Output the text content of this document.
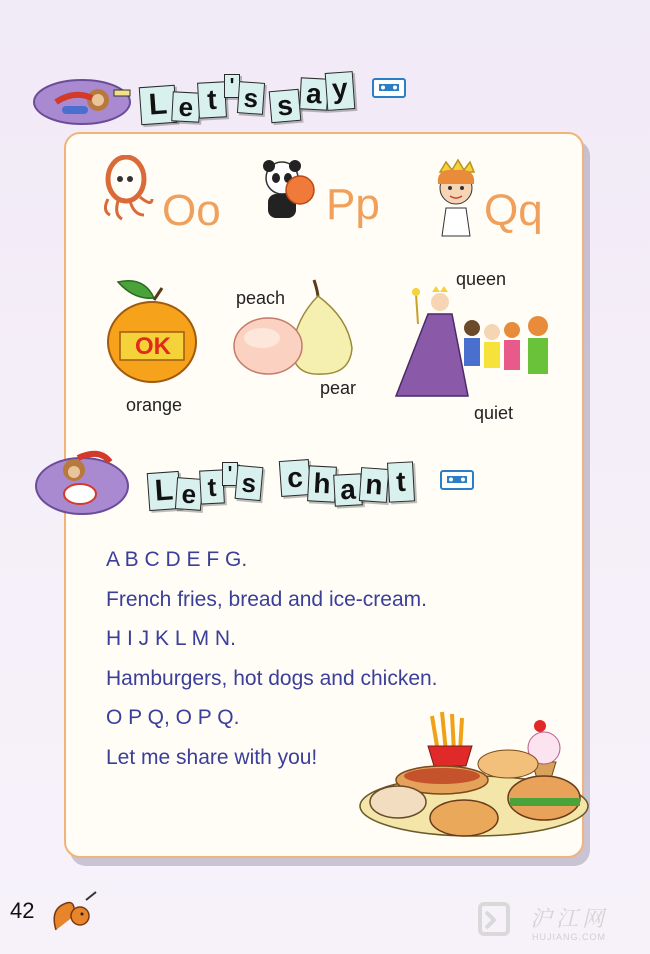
L e t ' s s a y
Oo Pp Qq
OK
orange
peach
pear
queen
quiet
L e t ' s c h a n t
A B C D E F G.
French fries, bread and ice-cream.
H I J K L M N.
Hamburgers, hot dogs and chicken.
O P Q, O P Q.
Let me share with you!
42	沪江网
HUJIANG.COM
